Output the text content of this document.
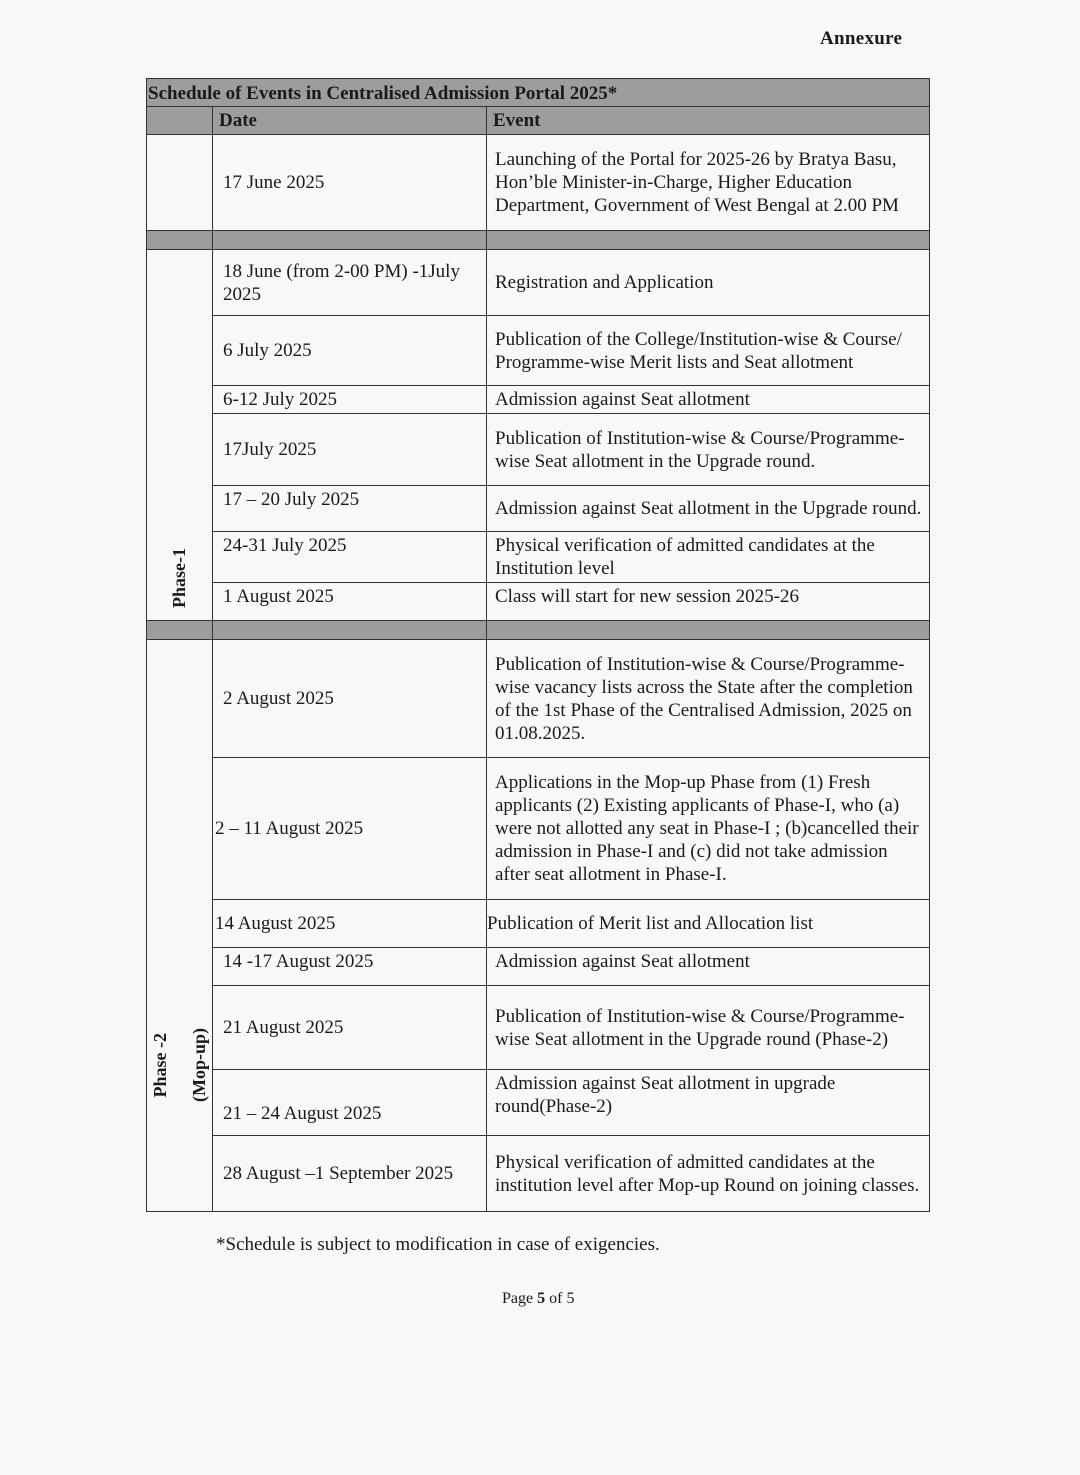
Annexure
Schedule of Events in Centralised Admission Portal 2025*		
	Date	Event
	17 June 2025	Launching of the Portal for 2025-26 by Bratya Basu, Hon’ble Minister-in-Charge, Higher Education Department, Government of West Bengal at 2.00 PM

Phase-1	18 June (from 2-00 PM) -1July 2025	Registration and Application
	6 July 2025	Publication of the College/Institution-wise & Course/ Programme-wise Merit lists and Seat allotment
	6-12 July 2025	Admission against Seat allotment
	17July 2025	Publication of Institution-wise & Course/Programme-wise Seat allotment in the Upgrade round.
	17 – 20 July 2025	Admission against Seat allotment in the Upgrade round.
	24-31 July 2025	Physical verification of admitted candidates at the Institution level
	1 August 2025	Class will start for new session 2025-26

Phase -2 (Mop-up)	2 August 2025	Publication of Institution-wise & Course/Programme-wise vacancy lists across the State after the completion of the 1st Phase of the Centralised Admission, 2025 on 01.08.2025.
	2 – 11 August 2025	Applications in the Mop-up Phase from (1) Fresh applicants (2) Existing applicants of Phase-I, who (a) were not allotted any seat in Phase-I ; (b)cancelled their admission in Phase-I and (c) did not take admission after seat allotment in Phase-I.
	14 August 2025	Publication of Merit list and Allocation list
	14 -17 August 2025	Admission against Seat allotment
	21 August 2025	Publication of Institution-wise & Course/Programme- wise Seat allotment in the Upgrade round (Phase-2)
	21 – 24 August 2025	Admission against Seat allotment in upgrade round(Phase-2)
	28 August –1 September 2025	Physical verification of admitted candidates at the institution level after Mop-up Round on joining classes.
*Schedule is subject to modification in case of exigencies.
Page 5 of 5
